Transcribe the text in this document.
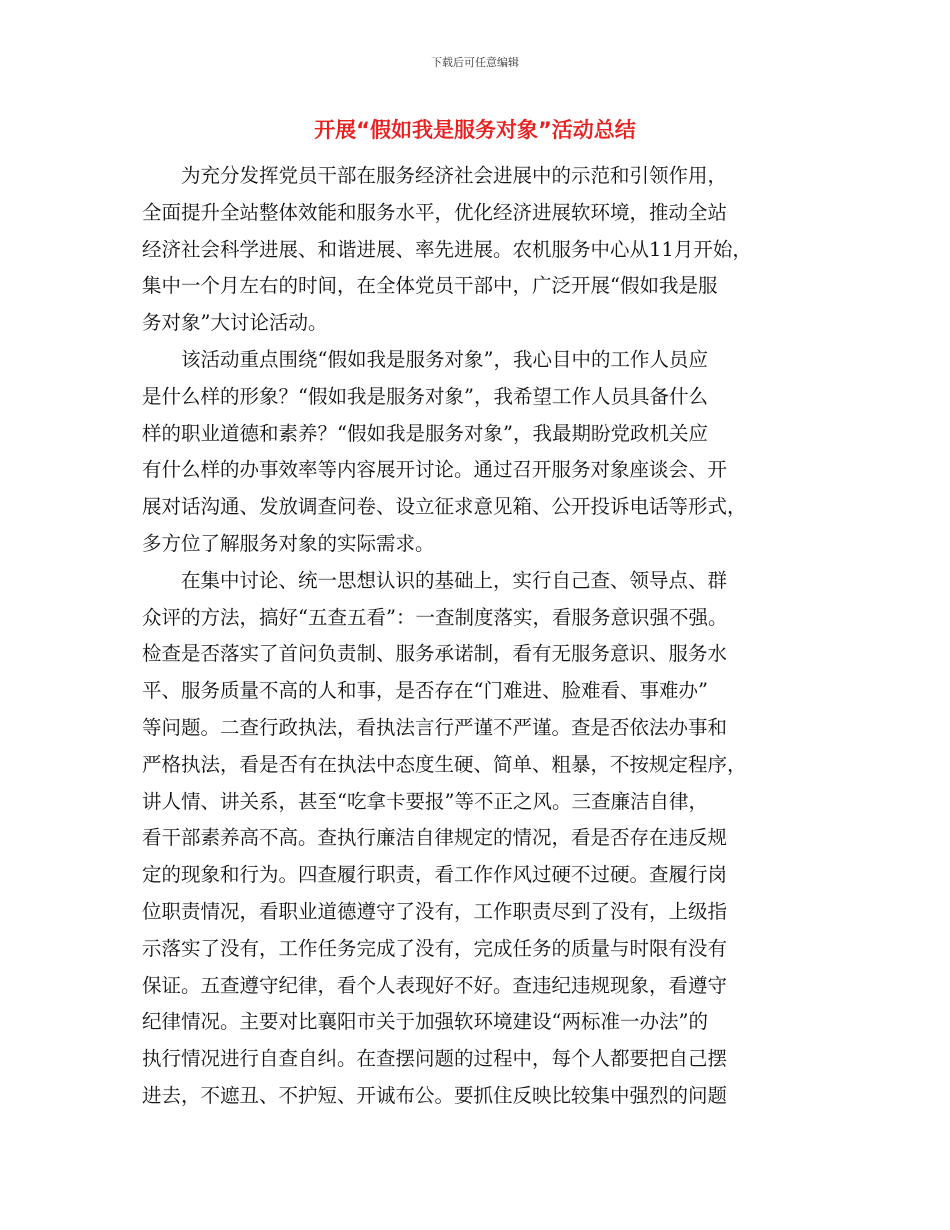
下载后可任意编辑
开展“假如我是服务对象”活动总结
　　为充分发挥党员干部在服务经济社会进展中的示范和引领作用，
全面提升全站整体效能和服务水平，优化经济进展软环境，推动全站
经济社会科学进展、和谐进展、率先进展。农机服务中心从11月开始，
集中一个月左右的时间，在全体党员干部中，广泛开展“假如我是服
务对象”大讨论活动。
　　该活动重点围绕“假如我是服务对象”，我心目中的工作人员应
是什么样的形象？“假如我是服务对象”，我希望工作人员具备什么
样的职业道德和素养？“假如我是服务对象”，我最期盼党政机关应
有什么样的办事效率等内容展开讨论。通过召开服务对象座谈会、开
展对话沟通、发放调查问卷、设立征求意见箱、公开投诉电话等形式，
多方位了解服务对象的实际需求。
　　在集中讨论、统一思想认识的基础上，实行自己查、领导点、群
众评的方法，搞好“五查五看”：一查制度落实，看服务意识强不强。
检查是否落实了首问负责制、服务承诺制，看有无服务意识、服务水
平、服务质量不高的人和事，是否存在“门难进、脸难看、事难办”
等问题。二查行政执法，看执法言行严谨不严谨。查是否依法办事和
严格执法，看是否有在执法中态度生硬、简单、粗暴，不按规定程序，
讲人情、讲关系，甚至“吃拿卡要报”等不正之风。三查廉洁自律，
看干部素养高不高。查执行廉洁自律规定的情况，看是否存在违反规
定的现象和行为。四查履行职责，看工作作风过硬不过硬。查履行岗
位职责情况，看职业道德遵守了没有，工作职责尽到了没有，上级指
示落实了没有，工作任务完成了没有，完成任务的质量与时限有没有
保证。五查遵守纪律，看个人表现好不好。查违纪违规现象，看遵守
纪律情况。主要对比襄阳市关于加强软环境建设“两标准一办法”的
执行情况进行自查自纠。在查摆问题的过程中，每个人都要把自己摆
进去，不遮丑、不护短、开诚布公。要抓住反映比较集中强烈的问题
